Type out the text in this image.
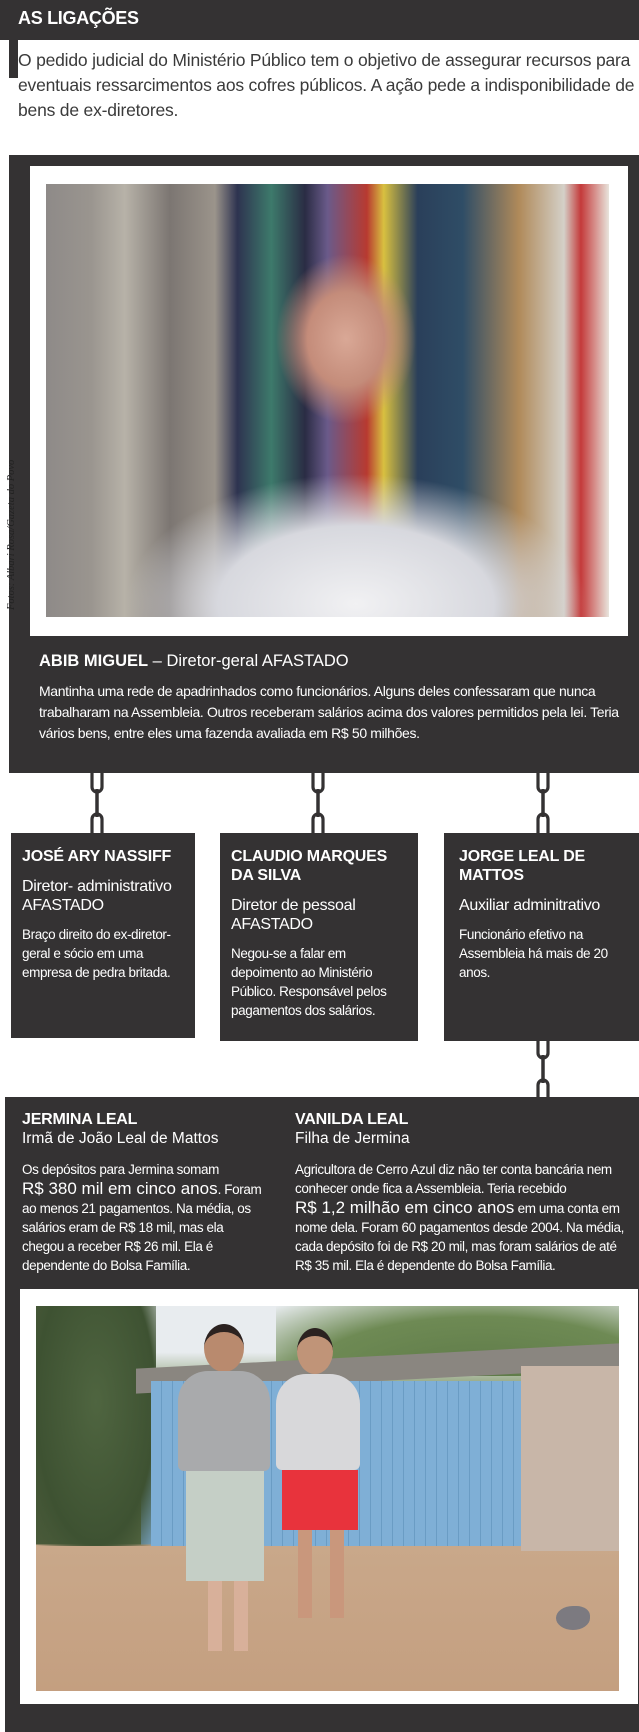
AS LIGAÇÕES

O pedido judicial do Ministério Público tem o objetivo de assegurar recursos para eventuais ressarcimentos aos cofres públicos. A ação pede a indisponibilidade de bens de ex-diretores.

Fotos: Albari Rosa/Gazeta do Povo
ABIB MIGUEL – Diretor-geral AFASTADO

Mantinha uma rede de apadrinhados como funcionários. Alguns deles confessaram que nunca trabalharam na Assembleia. Outros receberam salários acima dos valores permitidos pela lei. Teria vários bens, entre eles uma fazenda avaliada em R$ 50 milhões.

JOSÉ ARY NASSIFF
Diretor- administrativo AFASTADO
Braço direito do ex-diretor-geral e sócio em uma empresa de pedra britada.
CLAUDIO MARQUES DA SILVA
Diretor de pessoal AFASTADO
Negou-se a falar em depoimento ao Ministério Público. Responsável pelos pagamentos dos salários.
JORGE LEAL DE MATTOS
Auxiliar adminitrativo
Funcionário efetivo na Assembleia há mais de 20 anos.
JERMINA LEAL
Irmã de João Leal de Mattos

Os depósitos para Jermina somam
R$ 380 mil em cinco anos. Foram ao menos 21 pagamentos. Na média, os salários eram de R$ 18 mil, mas ela chegou a receber R$ 26 mil. Ela é dependente do Bolsa Família.

VANILDA LEAL
Filha de Jermina

Agricultora de Cerro Azul diz não ter conta bancária nem conhecer onde fica a Assembleia. Teria recebido
R$ 1,2 milhão em cinco anos em uma conta em nome dela. Foram 60 pagamentos desde 2004. Na média, cada depósito foi de R$ 20 mil, mas foram salários de até R$ 35 mil. Ela é dependente do Bolsa Família.
